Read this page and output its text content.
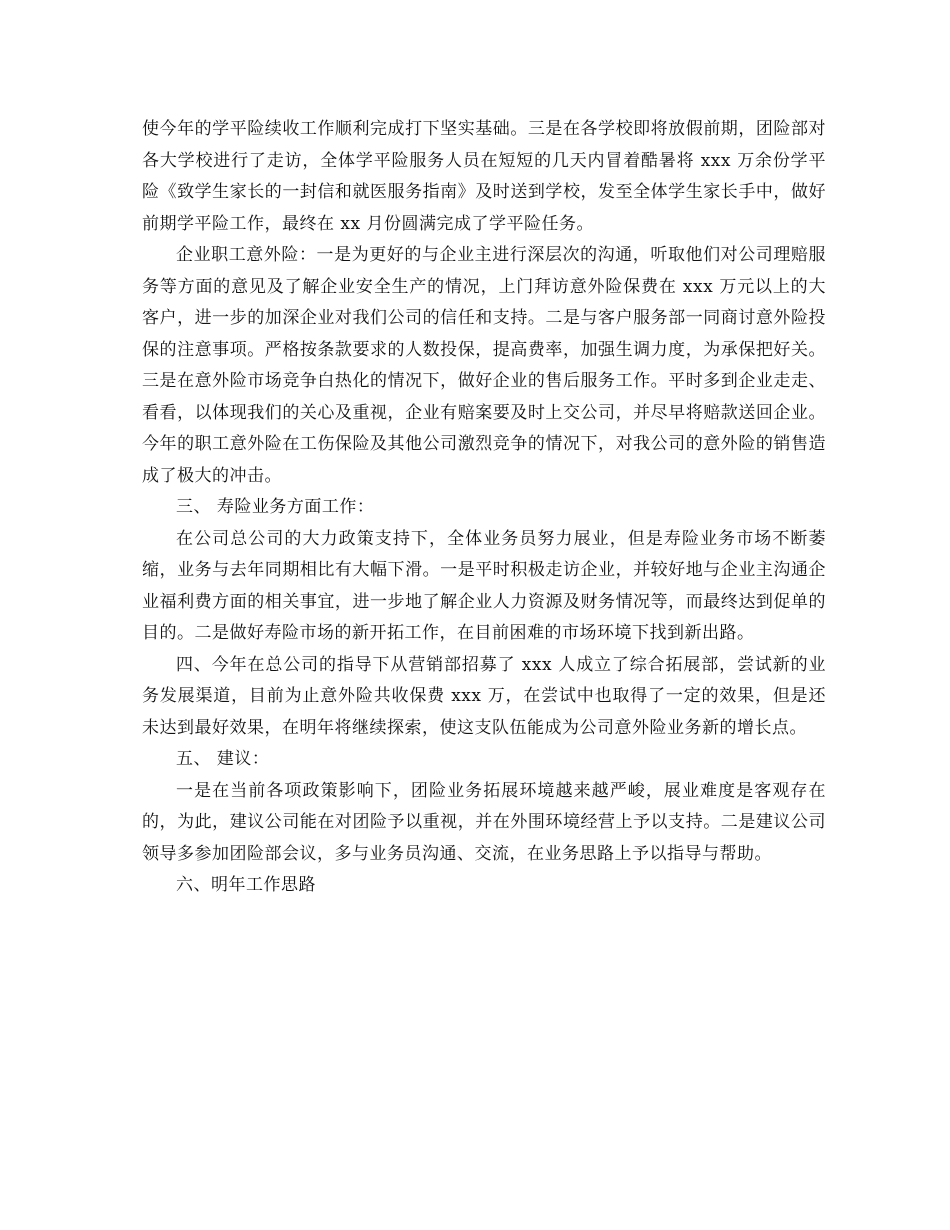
使今年的学平险续收工作顺利完成打下坚实基础。三是在各学校即将放假前期，团险部对各大学校进行了走访，全体学平险服务人员在短短的几天内冒着酷暑将 xxx 万余份学平险《致学生家长的一封信和就医服务指南》及时送到学校，发至全体学生家长手中，做好前期学平险工作，最终在 xx 月份圆满完成了学平险任务。

企业职工意外险：一是为更好的与企业主进行深层次的沟通，听取他们对公司理赔服务等方面的意见及了解企业安全生产的情况，上门拜访意外险保费在 xxx 万元以上的大客户，进一步的加深企业对我们公司的信任和支持。二是与客户服务部一同商讨意外险投保的注意事项。严格按条款要求的人数投保，提高费率，加强生调力度，为承保把好关。三是在意外险市场竞争白热化的情况下，做好企业的售后服务工作。平时多到企业走走、看看，以体现我们的关心及重视，企业有赔案要及时上交公司，并尽早将赔款送回企业。今年的职工意外险在工伤保险及其他公司激烈竞争的情况下，对我公司的意外险的销售造成了极大的冲击。

三、 寿险业务方面工作：

在公司总公司的大力政策支持下，全体业务员努力展业，但是寿险业务市场不断萎缩，业务与去年同期相比有大幅下滑。一是平时积极走访企业，并较好地与企业主沟通企业福利费方面的相关事宜，进一步地了解企业人力资源及财务情况等，而最终达到促单的目的。二是做好寿险市场的新开拓工作，在目前困难的市场环境下找到新出路。

四、今年在总公司的指导下从营销部招募了 xxx 人成立了综合拓展部，尝试新的业务发展渠道，目前为止意外险共收保费 xxx 万，在尝试中也取得了一定的效果，但是还未达到最好效果，在明年将继续探索，使这支队伍能成为公司意外险业务新的增长点。

五、 建议：

一是在当前各项政策影响下，团险业务拓展环境越来越严峻，展业难度是客观存在的，为此，建议公司能在对团险予以重视，并在外围环境经营上予以支持。二是建议公司领导多参加团险部会议，多与业务员沟通、交流，在业务思路上予以指导与帮助。

六、明年工作思路
